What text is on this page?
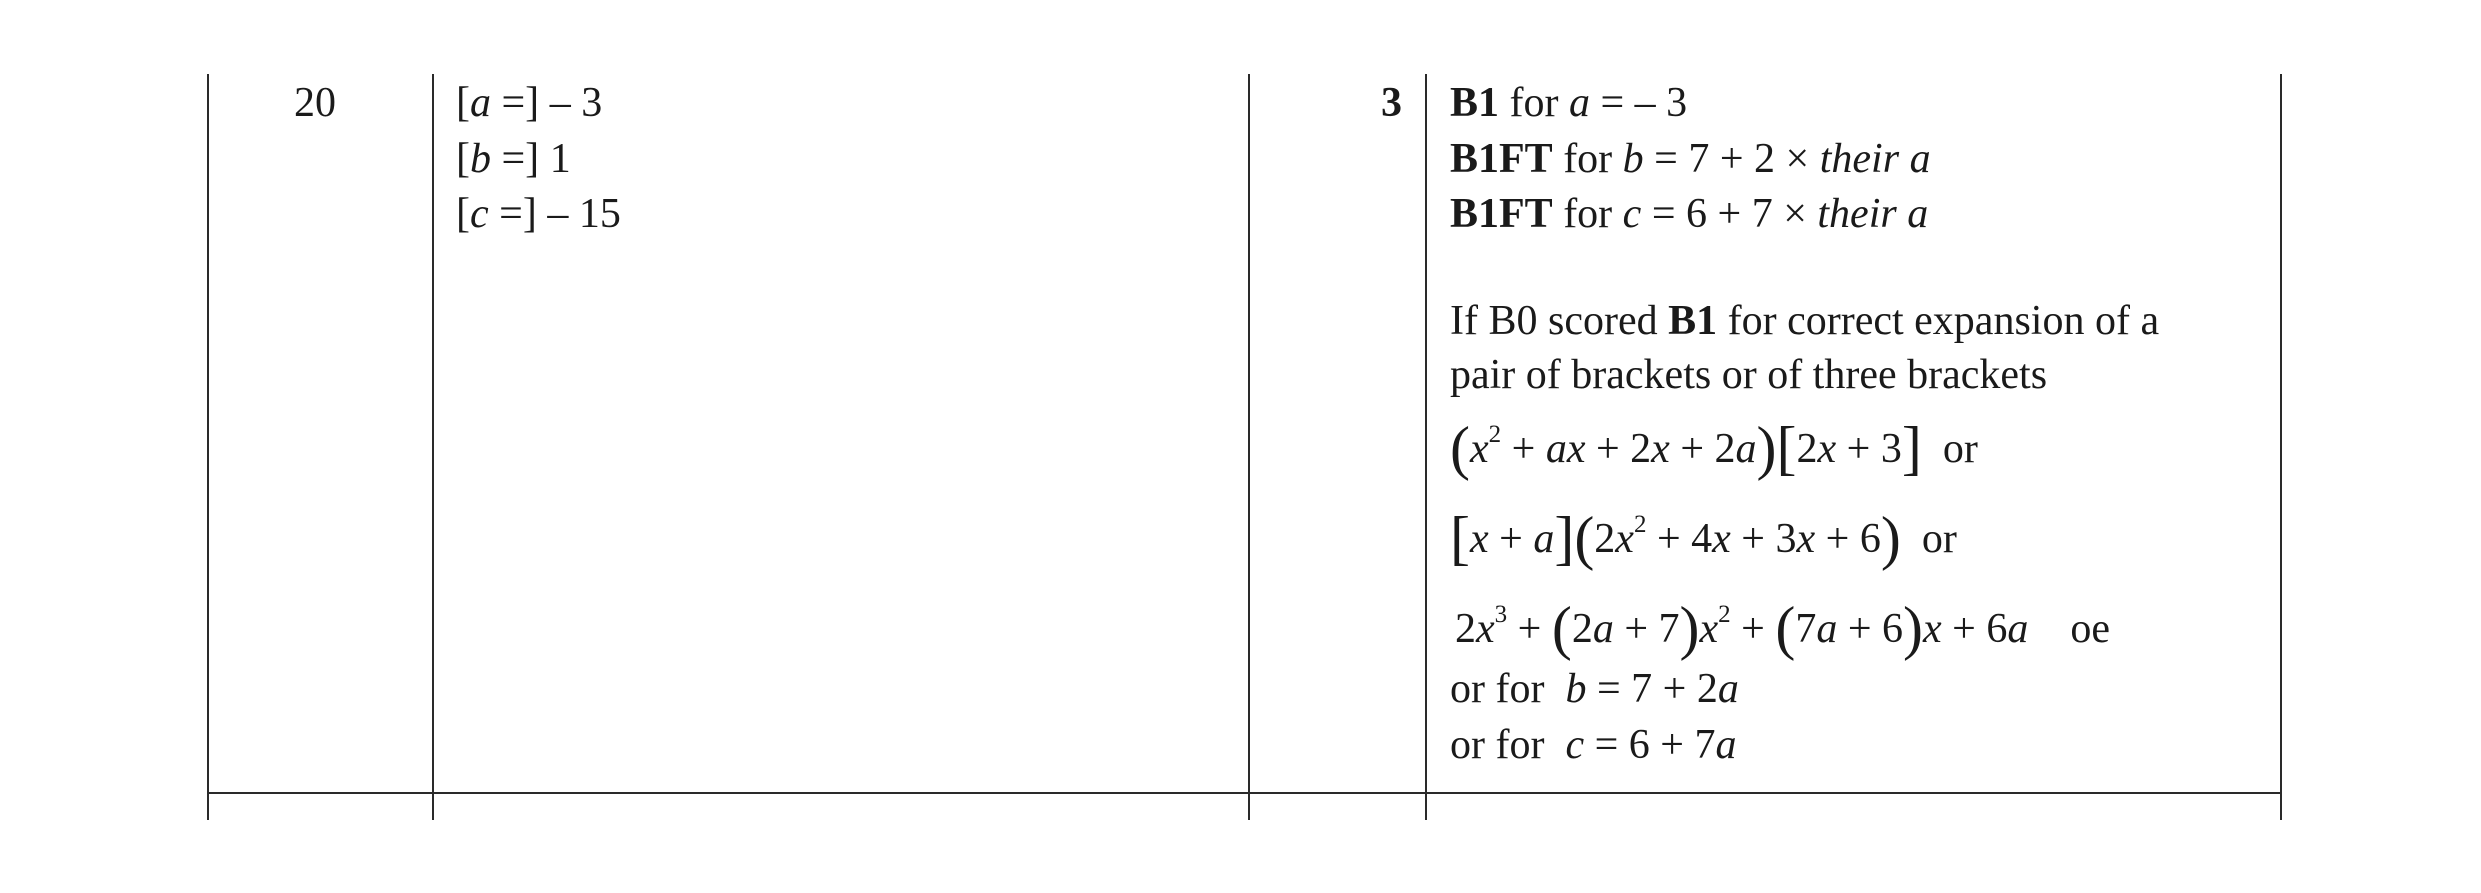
20	[a =] – 3
[b =] 1
[c =] – 15
3 B1 for a = – 3
B1FT for b = 7 + 2 × their a
B1FT for c = 6 + 7 × their a
If B0 scored B1 for correct expansion of a
pair of brackets or of three brackets
($x^2$ + ax + 2x + 2a)[2x + 3] or
$[x + a](2x^2 + 4x + 3x + 6)$ or
$2x^3 + (2a + 7)x^2 + (7a + 6)x + 6a$ oe
or for b = 7 + 2a
or for c = 6 + 7a
